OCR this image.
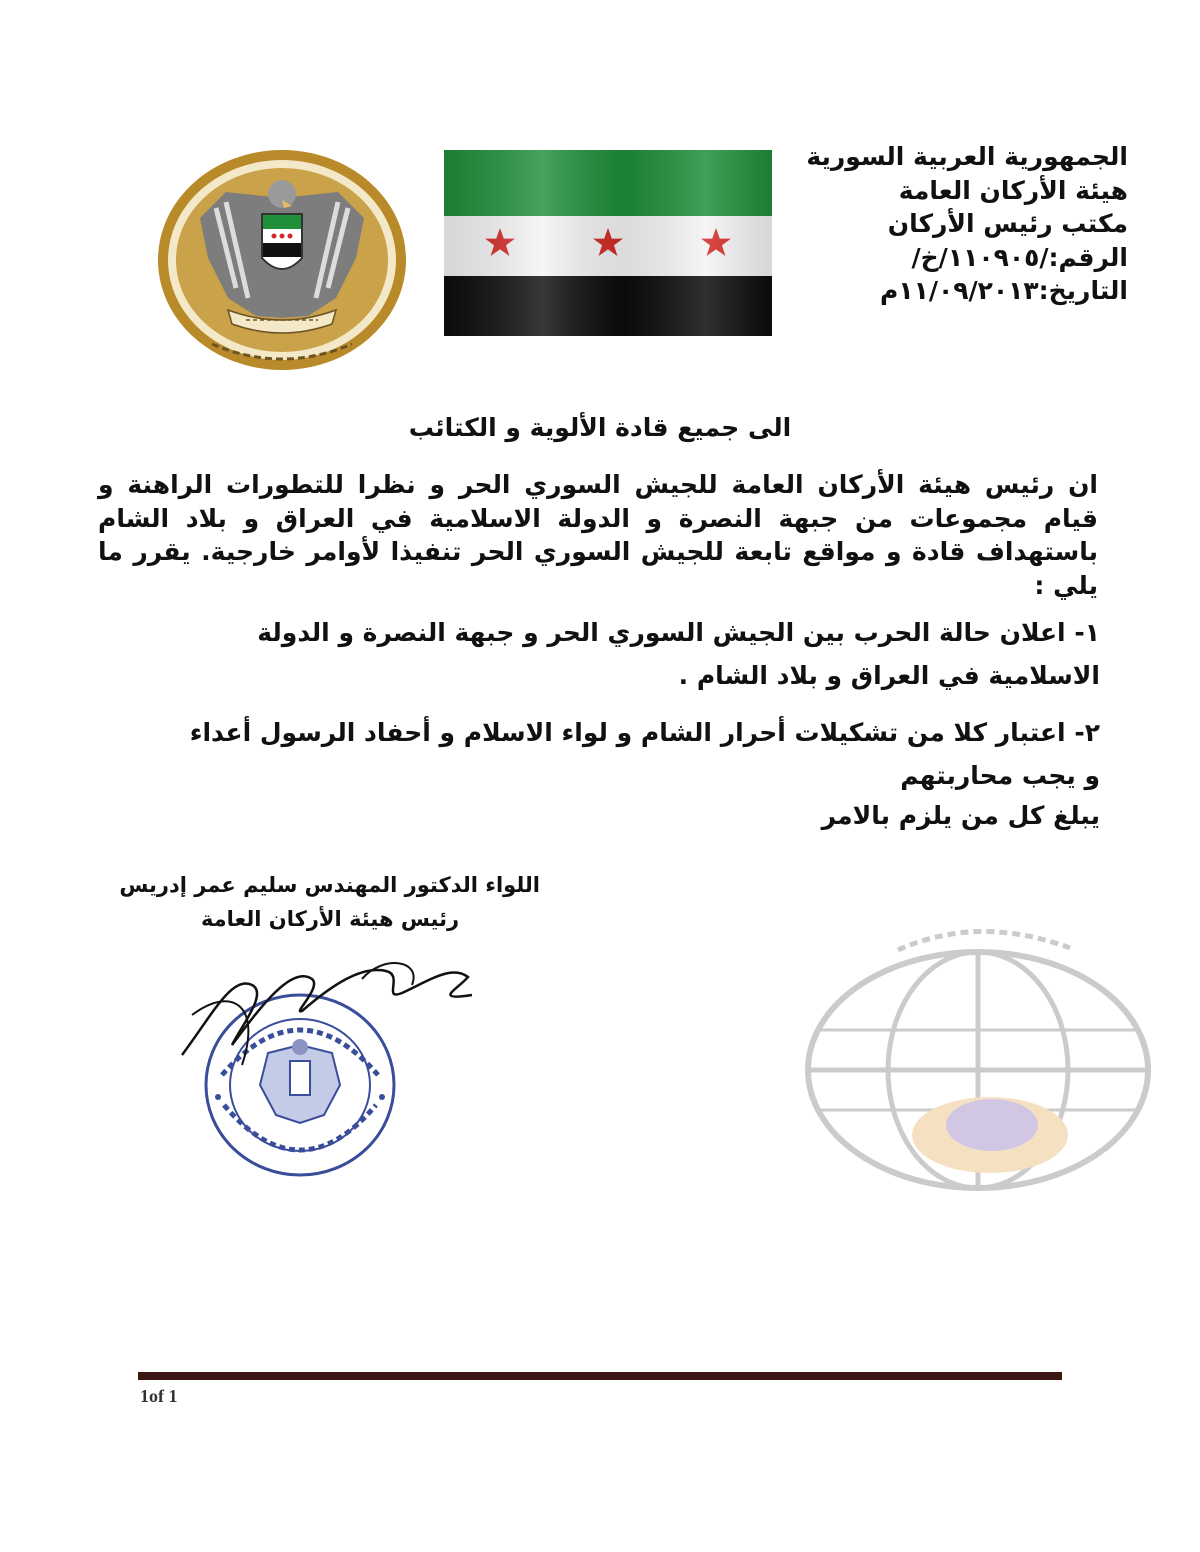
الجمهورية العربية السورية
هيئة الأركان العامة
مكتب رئيس الأركان
الرقم:/١١٠٩٠٥/خ/
التاريخ:١١/٠٩/٢٠١٣م
الى جميع قادة الألوية و الكتائب
ان رئيس هيئة الأركان العامة للجيش السوري الحر و نظرا للتطورات الراهنة و قيام مجموعات من جبهة النصرة و الدولة الاسلامية في العراق و بلاد الشام باستهداف قادة و مواقع تابعة للجيش السوري الحر تنفيذا لأوامر خارجية. يقرر ما يلي :
١- اعلان حالة الحرب بين الجيش السوري الحر و جبهة النصرة و الدولة الاسلامية في العراق و بلاد الشام .
٢- اعتبار كلا من تشكيلات أحرار الشام و لواء الاسلام و أحفاد الرسول أعداء و يجب محاربتهم
يبلغ كل من يلزم بالامر
اللواء الدكتور المهندس سليم عمر إدريس
رئيس هيئة الأركان العامة
1of 1
